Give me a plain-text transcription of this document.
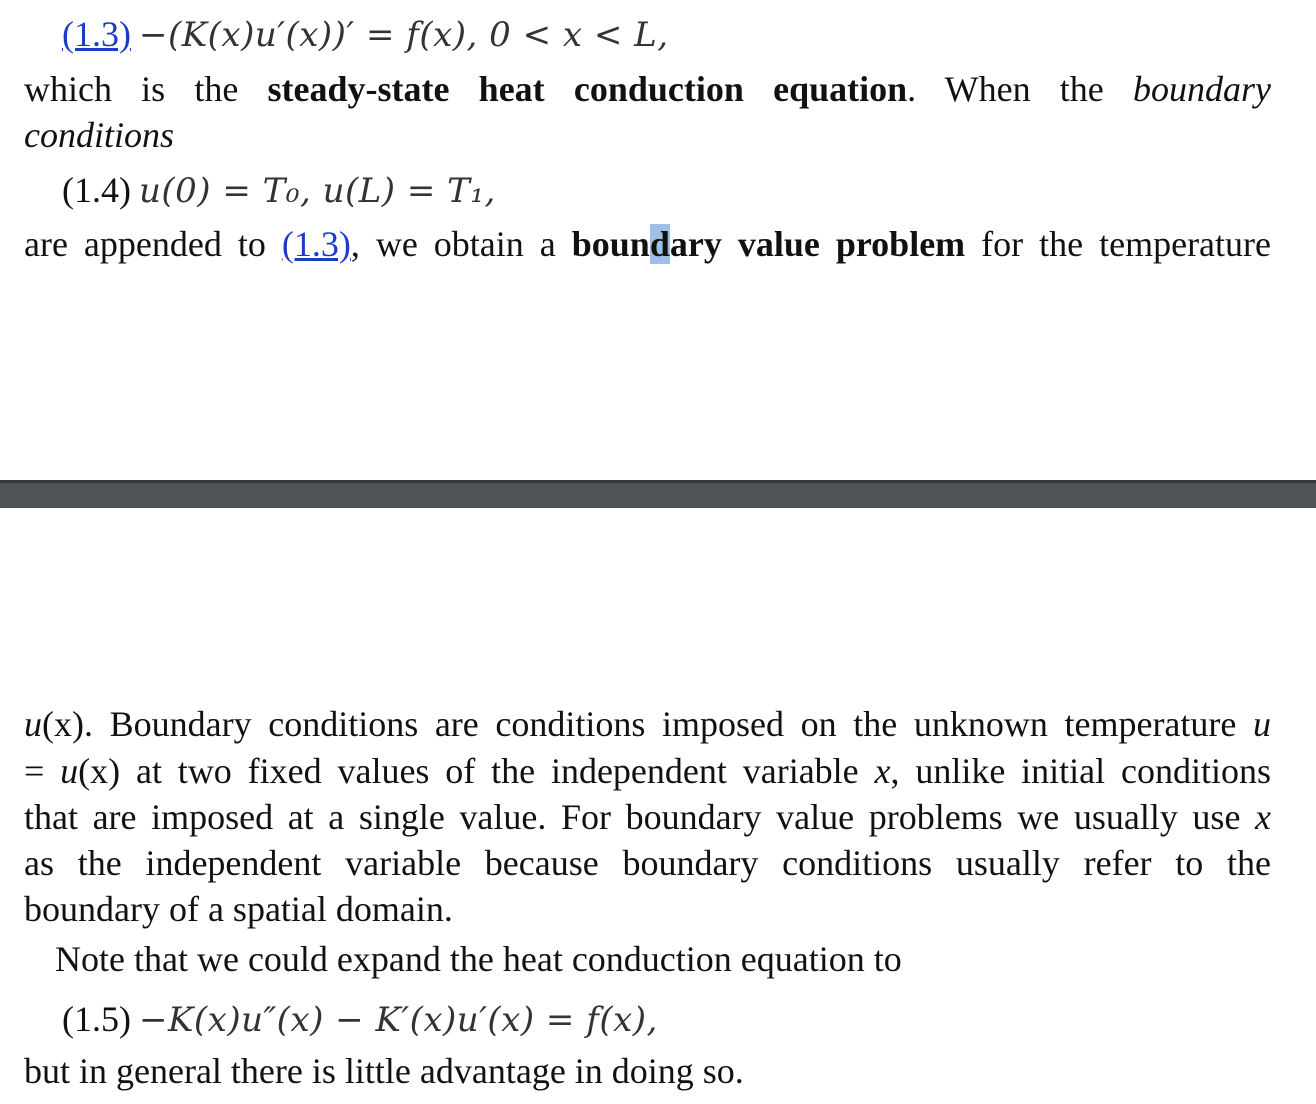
(1.3) −(K(x)u′(x))′ = f(x), 0 < x < L,
which is the steady-state heat conduction equation. When the boundary
conditions
(1.4) u(0) = T₀, u(L) = T₁,
are appended to (1.3), we obtain a boundary value problem for the temperature
u(x). Boundary conditions are conditions imposed on the unknown temperature u
= u(x) at two fixed values of the independent variable x, unlike initial conditions
that are imposed at a single value. For boundary value problems we usually use x
as the independent variable because boundary conditions usually refer to the
boundary of a spatial domain.
Note that we could expand the heat conduction equation to
(1.5) −K(x)u″(x) − K′(x)u′(x) = f(x),
but in general there is little advantage in doing so.
